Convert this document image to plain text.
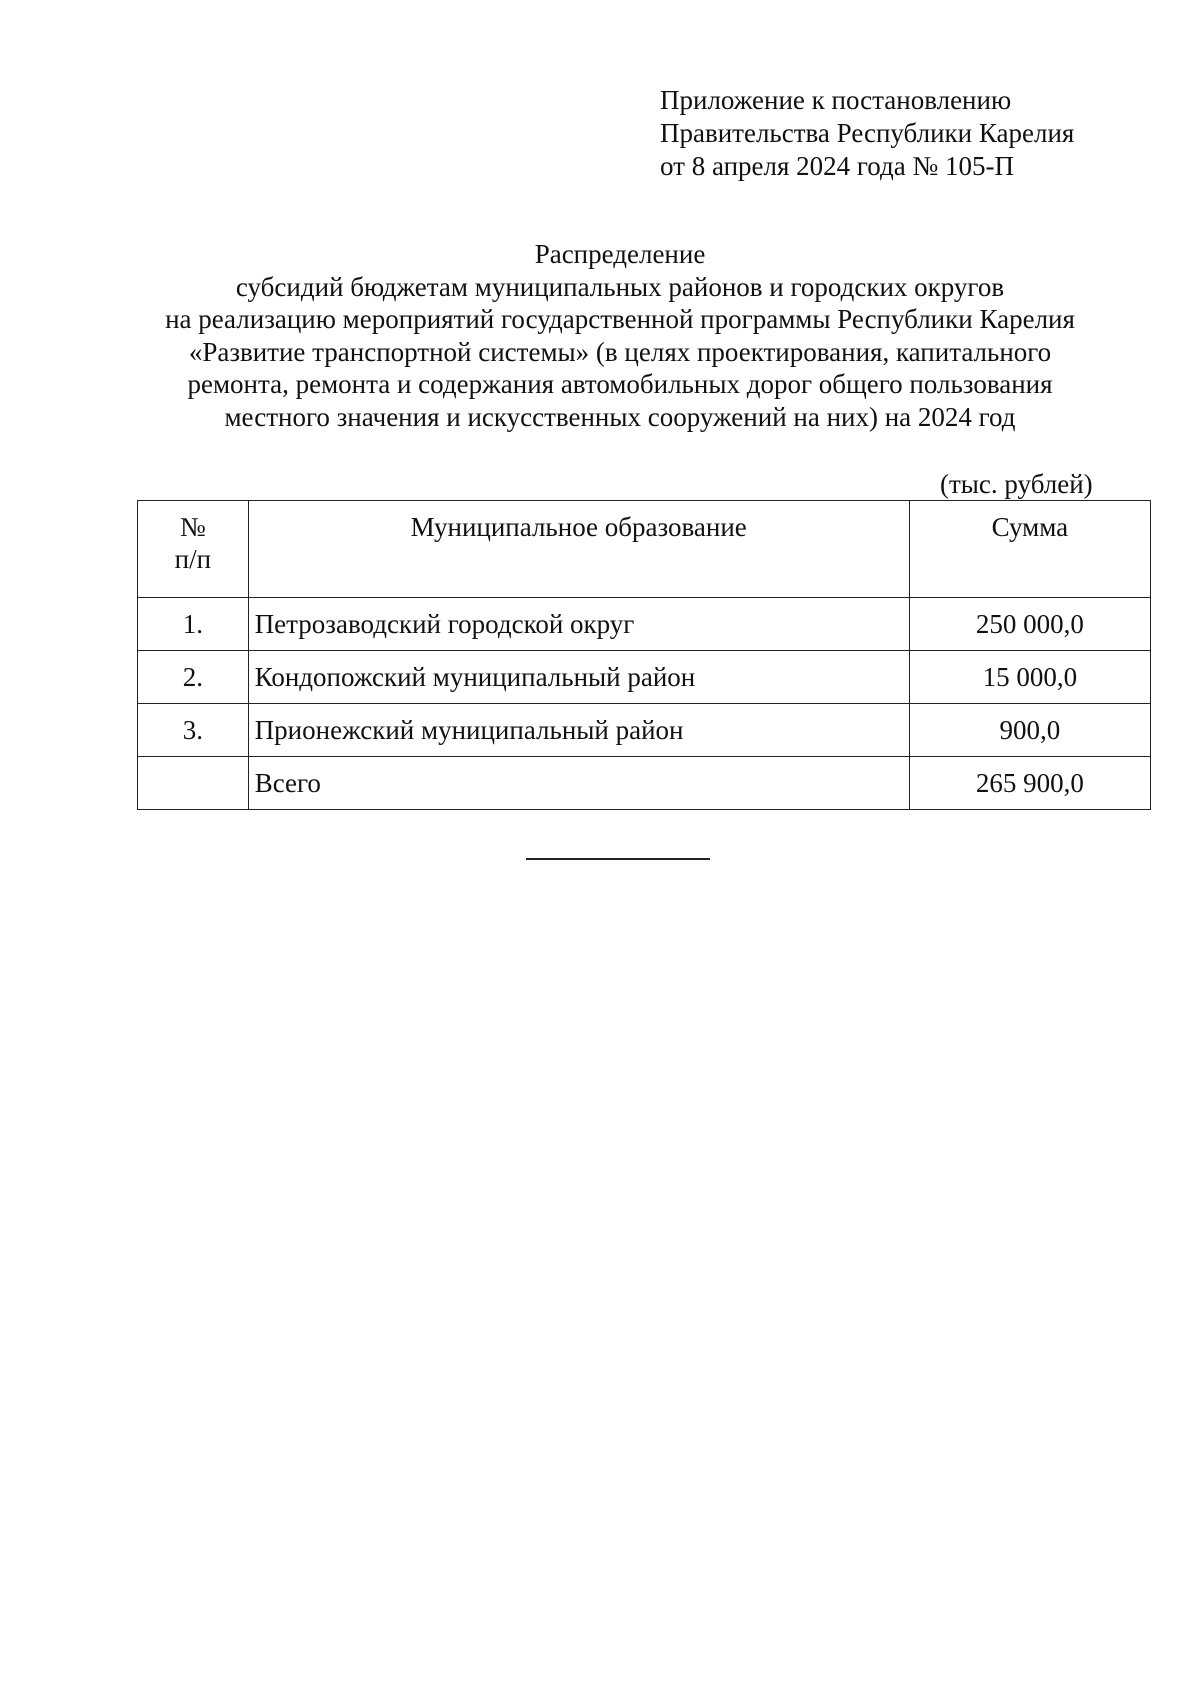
Приложение к постановлению
Правительства Республики Карелия
от 8 апреля 2024 года № 105-П
Распределение
субсидий бюджетам муниципальных районов и городских округов
на реализацию мероприятий государственной программы Республики Карелия
«Развитие транспортной системы» (в целях проектирования, капитального
ремонта, ремонта и содержания автомобильных дорог общего пользования
местного значения и искусственных сооружений на них) на 2024 год
(тыс. рублей)
№
п/п	Муниципальное образование	Сумма
1.	Петрозаводский городской округ	250 000,0
2.	Кондопожский муниципальный район	15 000,0
3.	Прионежский муниципальный район	900,0
	Всего	265 900,0
